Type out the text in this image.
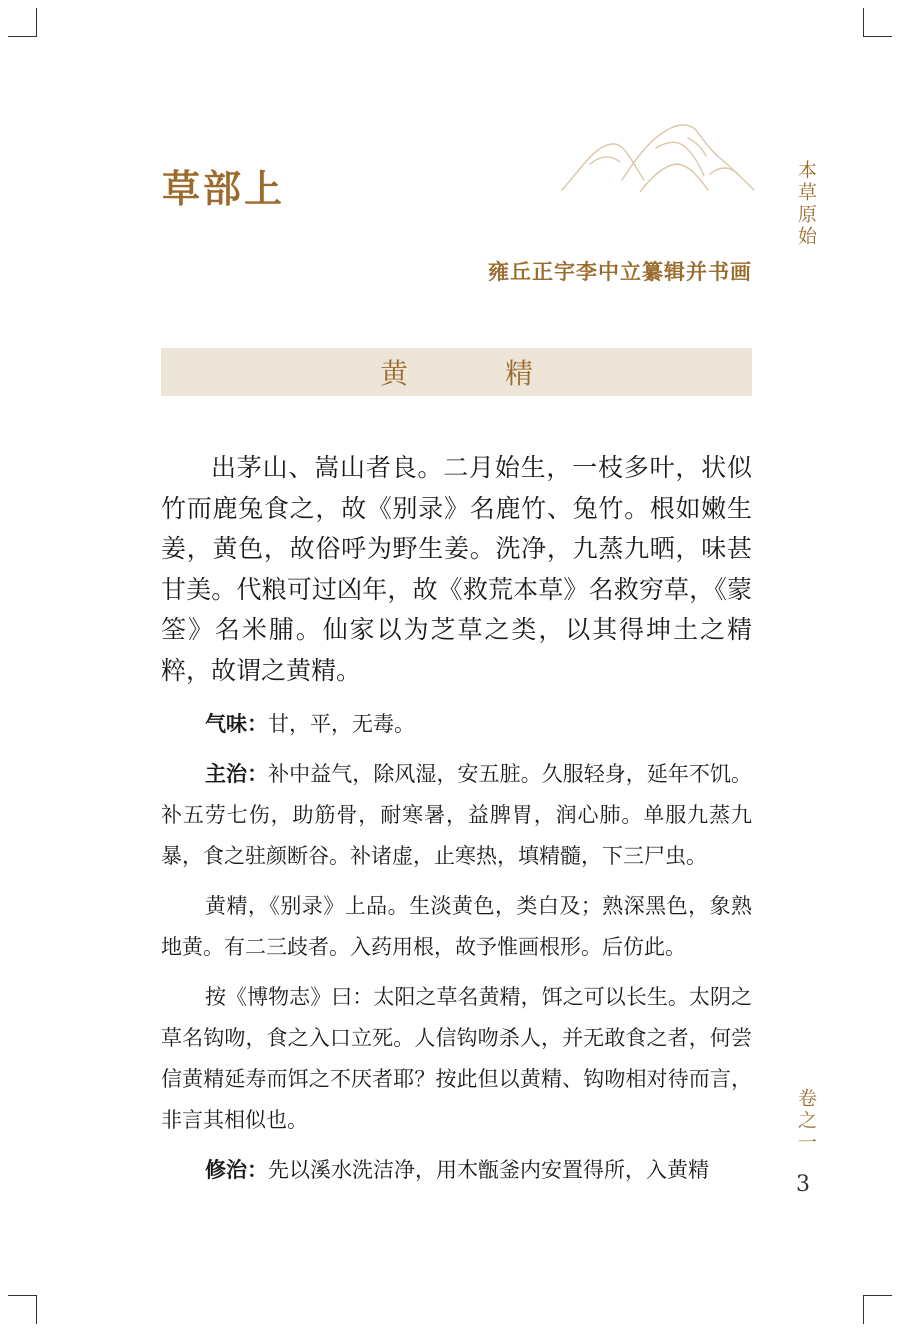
草部上
雍丘正宇李中立纂辑并书画
本草原始
卷之一
3
黄 精

出茅山、嵩山者良。二月始生，一枝多叶，状似竹而鹿兔食之，故《别录》名鹿竹、兔竹。根如嫩生姜，黄色，故俗呼为野生姜。洗净，九蒸九晒，味甚甘美。代粮可过凶年，故《救荒本草》名救穷草，《蒙筌》名米脯。仙家以为芝草之类，以其得坤土之精粹，故谓之黄精。

气味：甘，平，无毒。

主治：补中益气，除风湿，安五脏。久服轻身，延年不饥。补五劳七伤，助筋骨，耐寒暑，益脾胃，润心肺。单服九蒸九暴，食之驻颜断谷。补诸虚，止寒热，填精髓，下三尸虫。

黄精，《别录》上品。生淡黄色，类白及；熟深黑色，象熟地黄。有二三歧者。入药用根，故予惟画根形。后仿此。

按《博物志》曰：太阳之草名黄精，饵之可以长生。太阴之草名钩吻，食之入口立死。人信钩吻杀人，并无敢食之者，何尝信黄精延寿而饵之不厌者耶？按此但以黄精、钩吻相对待而言，非言其相似也。

修治：先以溪水洗洁净，用木甑釜内安置得所，入黄精
